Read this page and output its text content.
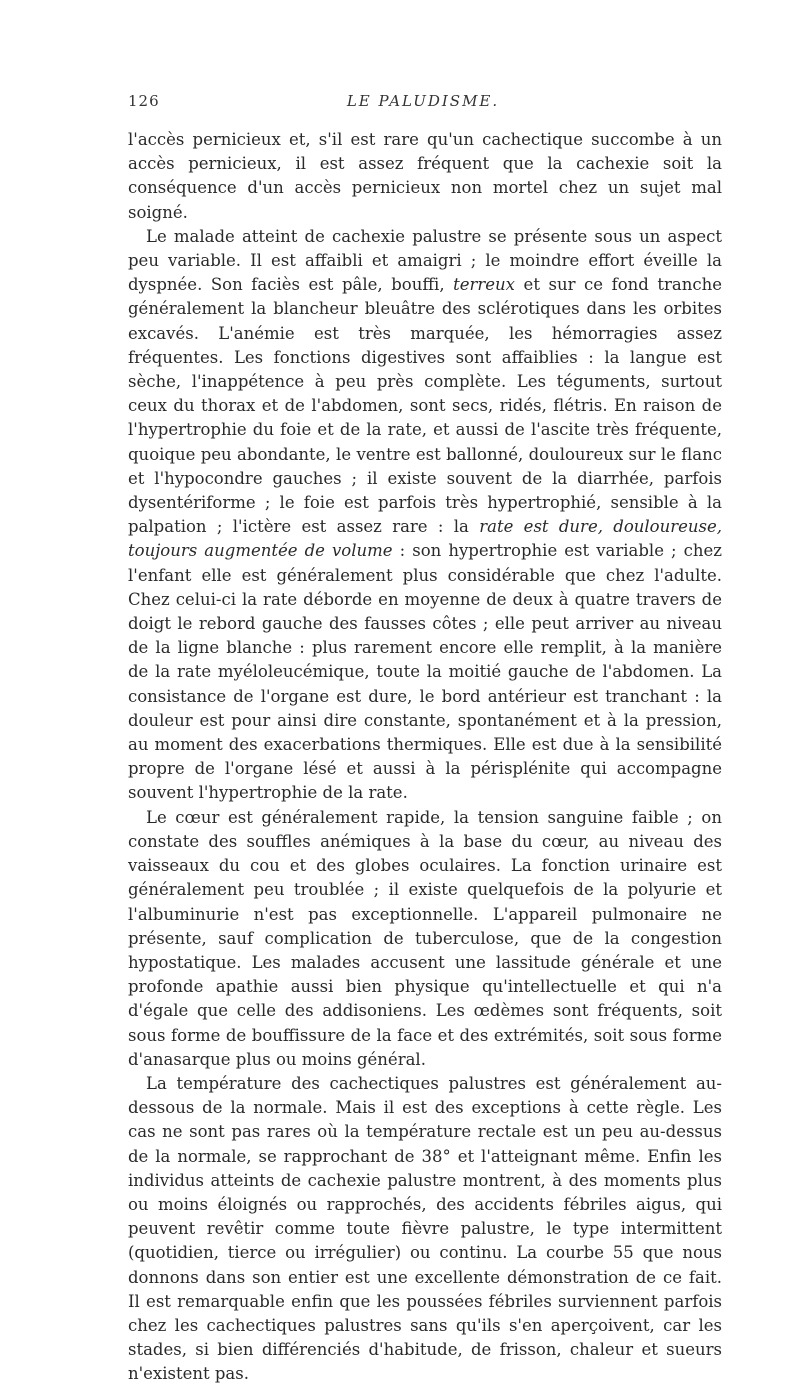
126	LE PALUDISME.

l'accès pernicieux et, s'il est rare qu'un cachectique succombe à un accès pernicieux, il est assez fréquent que la cachexie soit la conséquence d'un accès pernicieux non mortel chez un sujet mal soigné.

Le malade atteint de cachexie palustre se présente sous un aspect peu variable. Il est affaibli et amaigri ; le moindre effort éveille la dyspnée. Son faciès est pâle, bouffi, terreux et sur ce fond tranche généralement la blancheur bleuâtre des sclérotiques dans les orbites excavés. L'anémie est très marquée, les hémorragies assez fréquentes. Les fonctions digestives sont affaiblies : la langue est sèche, l'inappétence à peu près complète. Les téguments, surtout ceux du thorax et de l'abdomen, sont secs, ridés, flétris. En raison de l'hypertrophie du foie et de la rate, et aussi de l'ascite très fréquente, quoique peu abondante, le ventre est ballonné, douloureux sur le flanc et l'hypocondre gauches ; il existe souvent de la diarrhée, parfois dysentériforme ; le foie est parfois très hypertrophié, sensible à la palpation ; l'ictère est assez rare : la rate est dure, douloureuse, toujours augmentée de volume : son hypertrophie est variable ; chez l'enfant elle est généralement plus considérable que chez l'adulte. Chez celui-ci la rate déborde en moyenne de deux à quatre travers de doigt le rebord gauche des fausses côtes ; elle peut arriver au niveau de la ligne blanche : plus rarement encore elle remplit, à la manière de la rate myéloleucémique, toute la moitié gauche de l'abdomen. La consistance de l'organe est dure, le bord antérieur est tranchant : la douleur est pour ainsi dire constante, spontanément et à la pression, au moment des exacerbations thermiques. Elle est due à la sensibilité propre de l'organe lésé et aussi à la périsplénite qui accompagne souvent l'hypertrophie de la rate.

Le cœur est généralement rapide, la tension sanguine faible ; on constate des souffles anémiques à la base du cœur, au niveau des vaisseaux du cou et des globes oculaires. La fonction urinaire est généralement peu troublée ; il existe quelquefois de la polyurie et l'albuminurie n'est pas exceptionnelle. L'appareil pulmonaire ne présente, sauf complication de tuberculose, que de la congestion hypostatique. Les malades accusent une lassitude générale et une profonde apathie aussi bien physique qu'intellectuelle et qui n'a d'égale que celle des addisoniens. Les œdèmes sont fréquents, soit sous forme de bouffissure de la face et des extrémités, soit sous forme d'anasarque plus ou moins général.

La température des cachectiques palustres est généralement au-dessous de la normale. Mais il est des exceptions à cette règle. Les cas ne sont pas rares où la température rectale est un peu au-dessus de la normale, se rapprochant de 38° et l'atteignant même. Enfin les individus atteints de cachexie palustre montrent, à des moments plus ou moins éloignés ou rapprochés, des accidents fébriles aigus, qui peuvent revêtir comme toute fièvre palustre, le type intermittent (quotidien, tierce ou irrégulier) ou continu. La courbe 55 que nous donnons dans son entier est une excellente démonstration de ce fait. Il est remarquable enfin que les poussées fébriles surviennent parfois chez les cachectiques palustres sans qu'ils s'en aperçoivent, car les stades, si bien différenciés d'habitude, de frisson, chaleur et sueurs n'existent pas.
